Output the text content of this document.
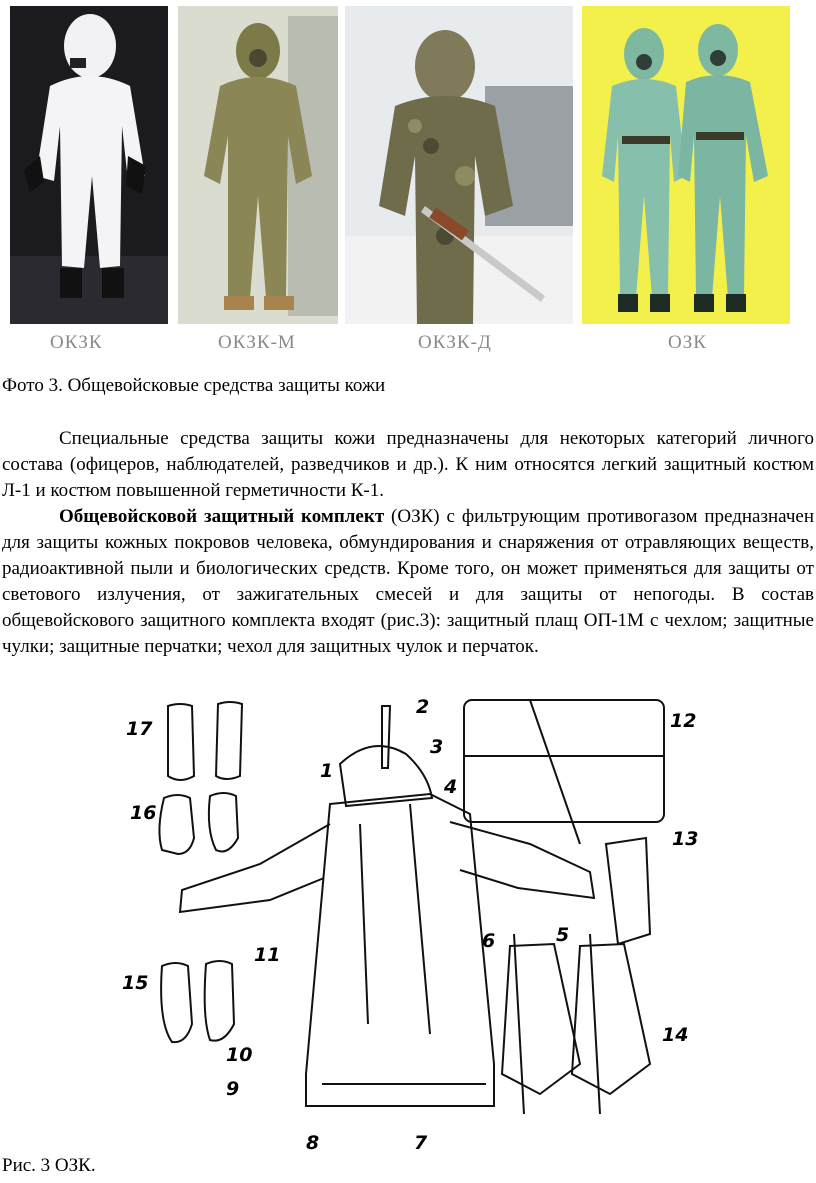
ОКЗК	ОКЗК-М	ОКЗК-Д	ОЗК
Фото 3. Общевойсковые средства защиты кожи

Специальные средства защиты кожи предназначены для некоторых категорий личного состава (офицеров, наблюдателей, разведчиков и др.). К ним относятся легкий защитный костюм Л-1 и костюм повышенной герметичности К-1.

Общевойсковой защитный комплект (ОЗК) с фильтрующим противогазом предназначен для защиты кожных покровов человека, обмундирования и снаряжения от отравляющих веществ, радиоактивной пыли и биологических средств. Кроме того, он может применяться для защиты от светового излучения, от зажигательных смесей и для защиты от непогоды. В состав общевойскового защитного комплекта входят (рис.3): защитный плащ ОП-1М с чехлом; защитные чулки; защитные перчатки; чехол для защитных чулок и перчаток.

17
16
15
2
1
3
4
12
13
5
6
11
14
10
9
8	7
Рис. 3 ОЗК.
